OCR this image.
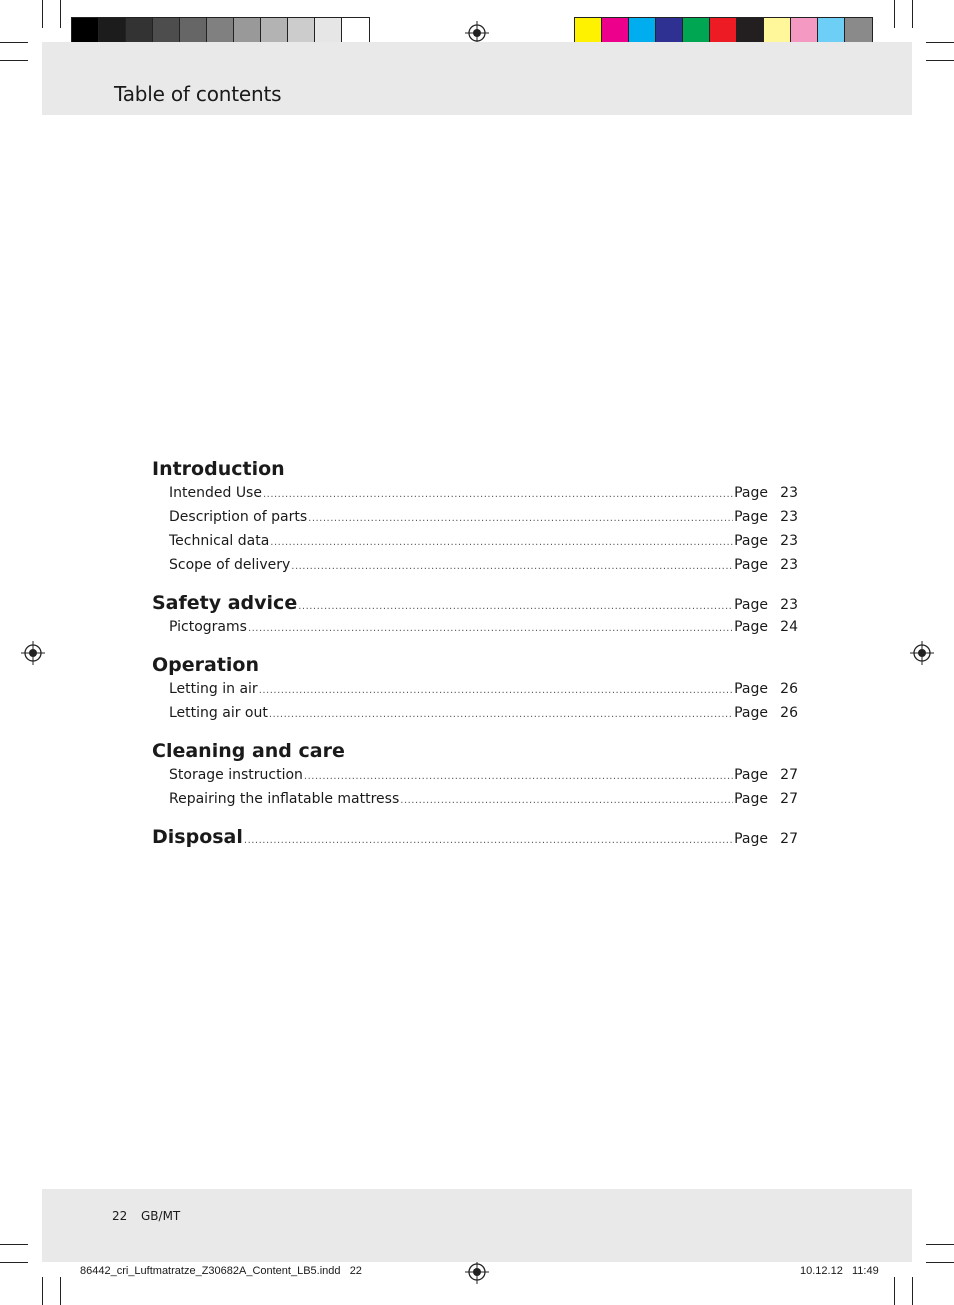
Table of contents
Introduction
Intended Use .....	Page 23
Description of parts .....	Page 23
Technical data .....	Page 23
Scope of delivery .....	Page 23
Safety advice .....	Page 23
Pictograms .....	Page 24
Operation
Letting in air .....	Page 26
Letting air out .....	Page 26
Cleaning and care
Storage instruction .....	Page 27
Repairing the inflatable mattress .....	Page 27
Disposal .....	Page 27
22 GB/MT
86442_cri_Luftmatratze_Z30682A_Content_LB5.indd   22	10.12.12   11:49
